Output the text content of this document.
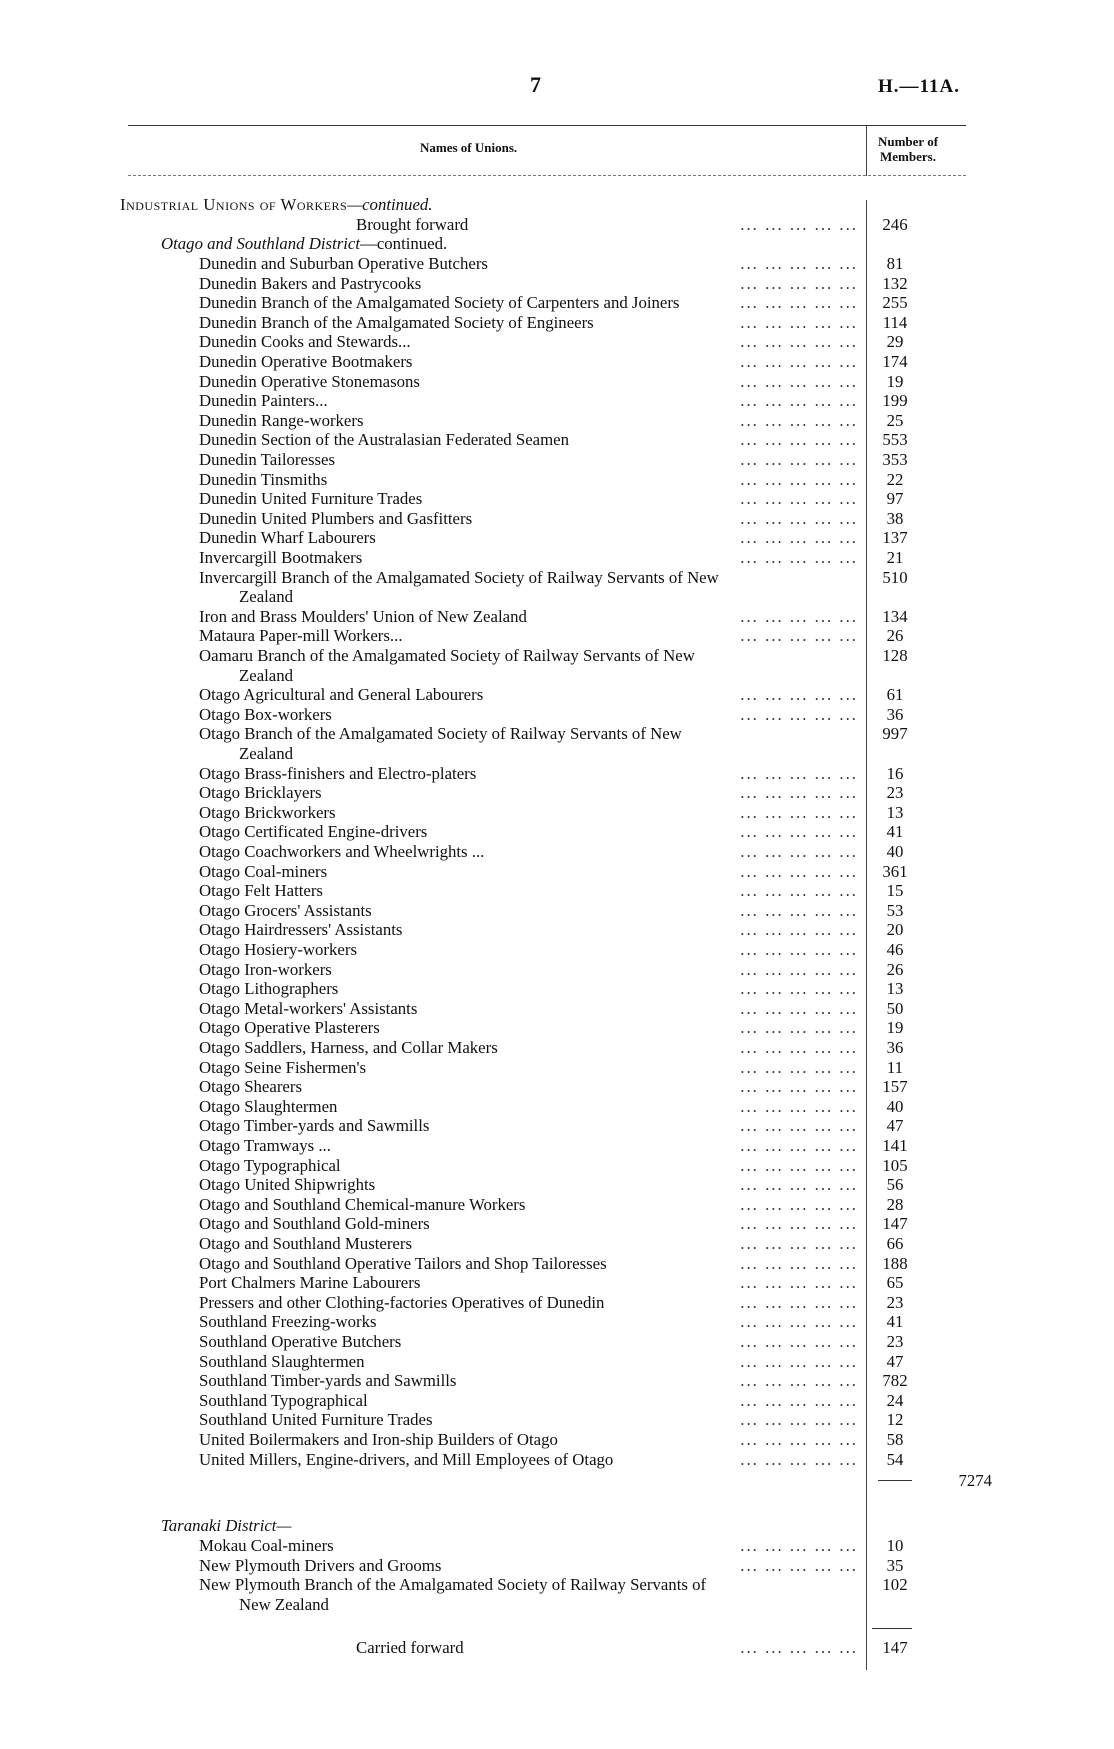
7	H.—11A.
Names of Unions.	Number of
Members.
Industrial Unions of Workers—continued.
Brought forward	... ... ... ... ...	246
Otago and Southland District—continued.
Dunedin and Suburban Operative Butchers	... ... ... ... ...	81
Dunedin Bakers and Pastrycooks	... ... ... ... ...	132
Dunedin Branch of the Amalgamated Society of Carpenters and Joiners	... ... ... ... ...	255
Dunedin Branch of the Amalgamated Society of Engineers	... ... ... ... ...	114
Dunedin Cooks and Stewards...	... ... ... ... ...	29
Dunedin Operative Bootmakers	... ... ... ... ...	174
Dunedin Operative Stonemasons	... ... ... ... ...	19
Dunedin Painters...	... ... ... ... ...	199
Dunedin Range-workers	... ... ... ... ...	25
Dunedin Section of the Australasian Federated Seamen	... ... ... ... ...	553
Dunedin Tailoresses	... ... ... ... ...	353
Dunedin Tinsmiths	... ... ... ... ...	22
Dunedin United Furniture Trades	... ... ... ... ...	97
Dunedin United Plumbers and Gasfitters	... ... ... ... ...	38
Dunedin Wharf Labourers	... ... ... ... ...	137
Invercargill Bootmakers	... ... ... ... ...	21
Invercargill Branch of the Amalgamated Society of Railway Servants of New	510
Zealand
Iron and Brass Moulders' Union of New Zealand	... ... ... ... ...	134
Mataura Paper-mill Workers...	... ... ... ... ...	26
Oamaru Branch of the Amalgamated Society of Railway Servants of New	128
Zealand
Otago Agricultural and General Labourers	... ... ... ... ...	61
Otago Box-workers	... ... ... ... ...	36
Otago Branch of the Amalgamated Society of Railway Servants of New	997
Zealand
Otago Brass-finishers and Electro-platers	... ... ... ... ...	16
Otago Bricklayers	... ... ... ... ...	23
Otago Brickworkers	... ... ... ... ...	13
Otago Certificated Engine-drivers	... ... ... ... ...	41
Otago Coachworkers and Wheelwrights ...	... ... ... ... ...	40
Otago Coal-miners	... ... ... ... ...	361
Otago Felt Hatters	... ... ... ... ...	15
Otago Grocers' Assistants	... ... ... ... ...	53
Otago Hairdressers' Assistants	... ... ... ... ...	20
Otago Hosiery-workers	... ... ... ... ...	46
Otago Iron-workers	... ... ... ... ...	26
Otago Lithographers	... ... ... ... ...	13
Otago Metal-workers' Assistants	... ... ... ... ...	50
Otago Operative Plasterers	... ... ... ... ...	19
Otago Saddlers, Harness, and Collar Makers	... ... ... ... ...	36
Otago Seine Fishermen's	... ... ... ... ...	11
Otago Shearers	... ... ... ... ...	157
Otago Slaughtermen	... ... ... ... ...	40
Otago Timber-yards and Sawmills	... ... ... ... ...	47
Otago Tramways ...	... ... ... ... ...	141
Otago Typographical	... ... ... ... ...	105
Otago United Shipwrights	... ... ... ... ...	56
Otago and Southland Chemical-manure Workers	... ... ... ... ...	28
Otago and Southland Gold-miners	... ... ... ... ...	147
Otago and Southland Musterers	... ... ... ... ...	66
Otago and Southland Operative Tailors and Shop Tailoresses	... ... ... ... ...	188
Port Chalmers Marine Labourers	... ... ... ... ...	65
Pressers and other Clothing-factories Operatives of Dunedin	... ... ... ... ...	23
Southland Freezing-works	... ... ... ... ...	41
Southland Operative Butchers	... ... ... ... ...	23
Southland Slaughtermen	... ... ... ... ...	47
Southland Timber-yards and Sawmills	... ... ... ... ...	782
Southland Typographical	... ... ... ... ...	24
Southland United Furniture Trades	... ... ... ... ...	12
United Boilermakers and Iron-ship Builders of Otago	... ... ... ... ...	58
United Millers, Engine-drivers, and Mill Employees of Otago	... ... ... ... ...	54
7274
Taranaki District—
Mokau Coal-miners	... ... ... ... ...	10
New Plymouth Drivers and Grooms	... ... ... ... ...	35
New Plymouth Branch of the Amalgamated Society of Railway Servants of	102
New Zealand
Carried forward	... ... ... ... ...	147
